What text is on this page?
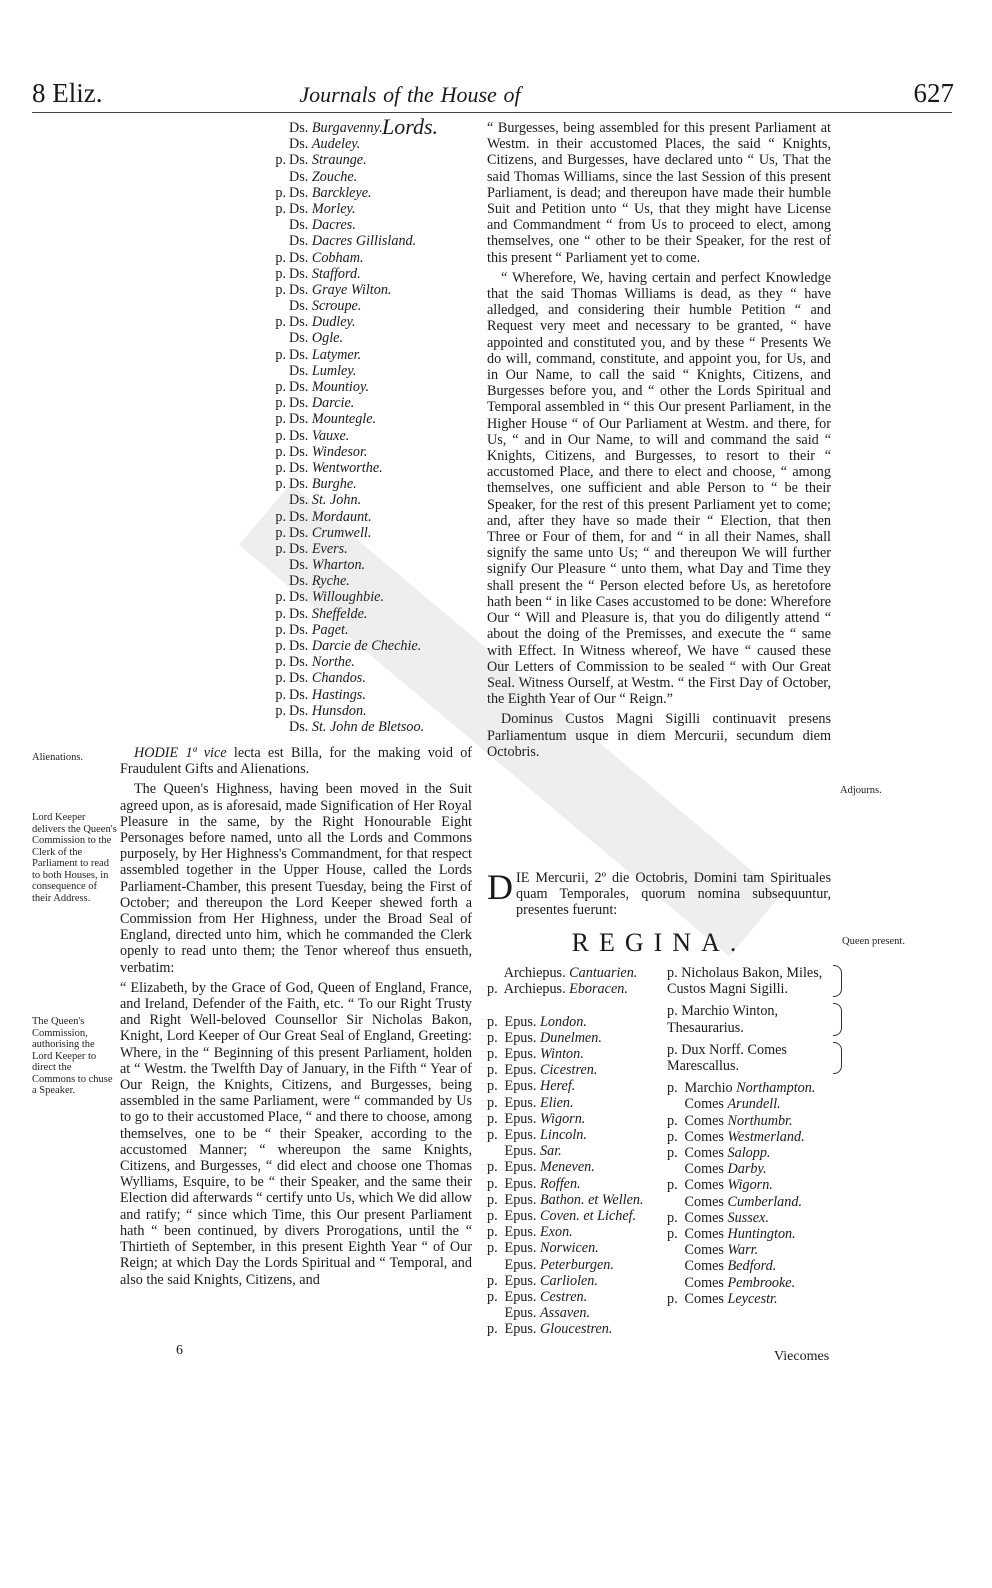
8 Eliz.	Journals of the House of Lords.
627
Ds. Burgavenny.
Ds. Audeley.
p. Ds. Straunge.
Ds. Zouche.
p. Ds. Barckleye.
p. Ds. Morley.
Ds. Dacres.
Ds. Dacres Gillisland.
p. Ds. Cobham.
p. Ds. Stafford.
p. Ds. Graye Wilton.
Ds. Scroupe.
p. Ds. Dudley.
Ds. Ogle.
p. Ds. Latymer.
Ds. Lumley.
p. Ds. Mountioy.
p. Ds. Darcie.
p. Ds. Mountegle.
p. Ds. Vauxe.
p. Ds. Windesor.
p. Ds. Wentworthe.
p. Ds. Burghe.
Ds. St. John.
p. Ds. Mordaunt.
p. Ds. Crumwell.
p. Ds. Evers.
Ds. Wharton.
Ds. Ryche.
p. Ds. Willoughbie.
p. Ds. Sheffelde.
p. Ds. Paget.
p. Ds. Darcie de Chechie.
p. Ds. Northe.
p. Ds. Chandos.
p. Ds. Hastings.
p. Ds. Hunsdon.
Ds. St. John de Bletsoo.
Alienations.
Lord Keeper delivers the Queen's Commission to the Clerk of the Parliament to read to both Houses, in consequence of their Address.
The Queen's Commission, authorising the Lord Keeper to direct the Commons to chuse a Speaker.
Adjourns.
Queen present.

HODIE 1ª vice lecta est Billa, for the making void of Fraudulent Gifts and Alienations.

The Queen's Highness, having been moved in the Suit agreed upon, as is aforesaid, made Signification of Her Royal Pleasure in the same, by the Right Honourable Eight Personages before named, unto all the Lords and Commons purposely, by Her Highness's Commandment, for that respect assembled together in the Upper House, called the Lords Parliament-Chamber, this present Tuesday, being the First of October; and thereupon the Lord Keeper shewed forth a Commission from Her Highness, under the Broad Seal of England, directed unto him, which he commanded the Clerk openly to read unto them; the Tenor whereof thus ensueth, verbatim:

“ Elizabeth, by the Grace of God, Queen of England, France, and Ireland, Defender of the Faith, etc. “ To our Right Trusty and Right Well-beloved Counsellor Sir Nicholas Bakon, Knight, Lord Keeper of Our Great Seal of England, Greeting: Where, in the “ Beginning of this present Parliament, holden at “ Westm. the Twelfth Day of January, in the Fifth “ Year of Our Reign, the Knights, Citizens, and Burgesses, being assembled in the same Parliament, were “ commanded by Us to go to their accustomed Place, “ and there to choose, among themselves, one to be “ their Speaker, according to the accustomed Manner; “ whereupon the same Knights, Citizens, and Burgesses, “ did elect and choose one Thomas Wylliams, Esquire, to be “ their Speaker, and the same their Election did afterwards “ certify unto Us, which We did allow and ratify; “ since which Time, this Our present Parliament hath “ been continued, by divers Prorogations, until the “ Thirtieth of September, in this present Eighth Year “ of Our Reign; at which Day the Lords Spiritual and “ Temporal, and also the said Knights, Citizens, and

“ Burgesses, being assembled for this present Parliament at Westm. in their accustomed Places, the said “ Knights, Citizens, and Burgesses, have declared unto “ Us, That the said Thomas Williams, since the last Session of this present Parliament, is dead; and thereupon have made their humble Suit and Petition unto “ Us, that they might have License and Commandment “ from Us to proceed to elect, among themselves, one “ other to be their Speaker, for the rest of this present “ Parliament yet to come.

“ Wherefore, We, having certain and perfect Knowledge that the said Thomas Williams is dead, as they “ have alledged, and considering their humble Petition “ and Request very meet and necessary to be granted, “ have appointed and constituted you, and by these “ Presents We do will, command, constitute, and appoint you, for Us, and in Our Name, to call the said “ Knights, Citizens, and Burgesses before you, and “ other the Lords Spiritual and Temporal assembled in “ this Our present Parliament, in the Higher House “ of Our Parliament at Westm. and there, for Us, “ and in Our Name, to will and command the said “ Knights, Citizens, and Burgesses, to resort to their “ accustomed Place, and there to elect and choose, “ among themselves, one sufficient and able Person to “ be their Speaker, for the rest of this present Parliament yet to come; and, after they have so made their “ Election, that then Three or Four of them, for and “ in all their Names, shall signify the same unto Us; “ and thereupon We will further signify Our Pleasure “ unto them, what Day and Time they shall present the “ Person elected before Us, as heretofore hath been “ in like Cases accustomed to be done: Wherefore Our “ Will and Pleasure is, that you do diligently attend “ about the doing of the Premisses, and execute the “ same with Effect. In Witness whereof, We have “ caused these Our Letters of Commission to be sealed “ with Our Great Seal. Witness Ourself, at Westm. “ the First Day of October, the Eighth Year of Our “ Reign.”

Dominus Custos Magni Sigilli continuavit presens Parliamentum usque in diem Mercurii, secundum diem Octobris.

D IE Mercurii, 2º die Octobris, Domini tam Spirituales quam Temporales, quorum nomina subsequuntur, presentes fuerunt:
REGINA.
Archiepus. Cantuarien.
p. Archiepus. Eboracen.

p. Epus. London.
p. Epus. Dunelmen.
p. Epus. Winton.
p. Epus. Cicestren.
p. Epus. Heref.
p. Epus. Elien.
p. Epus. Wigorn.
p. Epus. Lincoln.
Epus. Sar.
p. Epus. Meneven.
p. Epus. Roffen.
p. Epus. Bathon. et Wellen.
p. Epus. Coven. et Lichef.
p. Epus. Exon.
p. Epus. Norwicen.
Epus. Peterburgen.
p. Epus. Carliolen.
p. Epus. Cestren.
Epus. Assaven.
p. Epus. Gloucestren.
p. Nicholaus Bakon, Miles, Custos Magni Sigilli.
p. Marchio Winton, Thesaurarius.
p. Dux Norff. Comes Marescallus.
p. Marchio Northampton.
Comes Arundell.
p. Comes Northumbr.
p. Comes Westmerland.
p. Comes Salopp.
Comes Darby.
p. Comes Wigorn.
Comes Cumberland.
p. Comes Sussex.
p. Comes Huntington.
Comes Warr.
Comes Bedford.
Comes Pembrooke.
p. Comes Leycestr.
6	Viecomes
